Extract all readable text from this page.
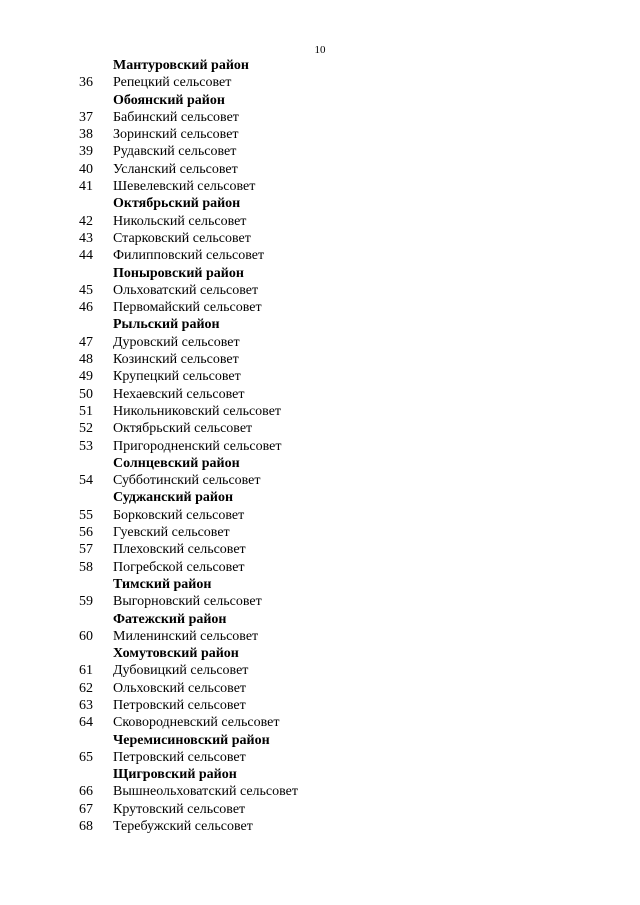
10
Мантуровский район
36	Репецкий сельсовет
Обоянский район
37	Бабинский сельсовет
38	Зоринский сельсовет
39	Рудавский сельсовет
40	Усланский сельсовет
41	Шевелевский сельсовет
Октябрьский район
42	Никольский сельсовет
43	Старковский сельсовет
44	Филипповский сельсовет
Поныровский район
45	Ольховатский сельсовет
46	Первомайский сельсовет
Рыльский район
47	Дуровский сельсовет
48	Козинский сельсовет
49	Крупецкий сельсовет
50	Нехаевский сельсовет
51	Никольниковский сельсовет
52	Октябрьский сельсовет
53	Пригородненский сельсовет
Солнцевский район
54	Субботинский сельсовет
Суджанский район
55	Борковский сельсовет
56	Гуевский сельсовет
57	Плеховский сельсовет
58	Погребской сельсовет
Тимский район
59	Выгорновский сельсовет
Фатежский район
60	Миленинский сельсовет
Хомутовский район
61	Дубовицкий сельсовет
62	Ольховский сельсовет
63	Петровский сельсовет
64	Сковородневский сельсовет
Черемисиновский район
65	Петровский сельсовет
Щигровский район
66	Вышнеольховатский сельсовет
67	Крутовский сельсовет
68	Теребужский сельсовет
